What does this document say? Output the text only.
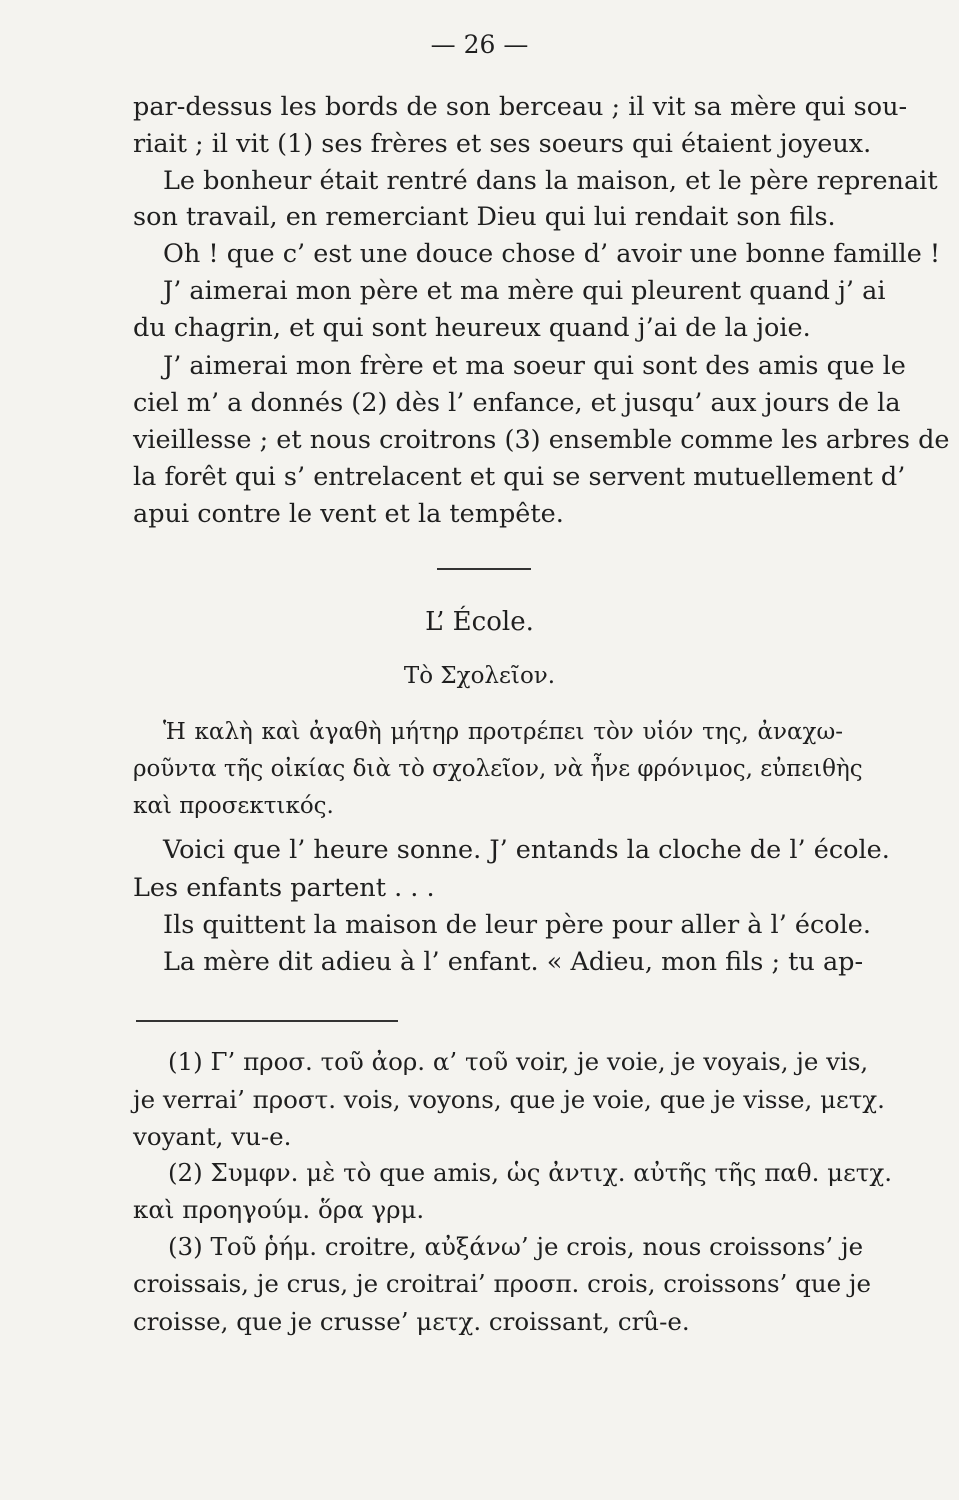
— 26 —
par-dessus les bords de son berceau ; il vit sa mère qui sou-
riait ; il vit (1) ses frères et ses soeurs qui étaient joyeux.
Le bonheur était rentré dans la maison, et le père reprenait
son travail, en remerciant Dieu qui lui rendait son fils.
Oh ! que c’ est une douce chose d’ avoir une bonne famille !
J’ aimerai mon père et ma mère qui pleurent quand j’ ai
du chagrin, et qui sont heureux quand j’ai de la joie.
J’ aimerai mon frère et ma soeur qui sont des amis que le
ciel m’ a donnés (2) dès l’ enfance, et jusqu’ aux jours de la
vieillesse ; et nous croitrons (3) ensemble comme les arbres de
la forêt qui s’ entrelacent et qui se servent mutuellement d’
apui contre le vent et la tempête.
L’ École.
Τὸ Σχολεῖον.
Ἡ καλὴ καὶ ἀγαθὴ μήτηρ προτρέπει τὸν υἱόν της, ἀναχω-
ροῦντα τῆς οἰκίας διὰ τὸ σχολεῖον, νὰ ἦνε φρόνιμος, εὐπειθὴς
καὶ προσεκτικός.
Voici que l’ heure sonne. J’ entands la cloche de l’ école.
Les enfants partent . . .
Ils quittent la maison de leur père pour aller à l’ école.
La mère dit adieu à l’ enfant. « Adieu, mon fils ; tu ap-
(1) Γ’ προσ. τοῦ ἀορ. α’ τοῦ voir, je voie, je voyais, je vis,
je verrai’ προστ. vois, voyons, que je voie, que je visse, μετχ.
voyant, vu-e.
(2) Συμφν. μὲ τὸ que amis, ὡς ἀντιχ. αὐτῆς τῆς παθ. μετχ.
καὶ προηγούμ. ὅρα γρμ.
(3) Τοῦ ῥήμ. croitre, αὐξάνω’ je crois, nous croissons’ je
croissais, je crus, je croitrai’ προσπ. crois, croissons’ que je
croisse, que je crusse’ μετχ. croissant, crû-e.
